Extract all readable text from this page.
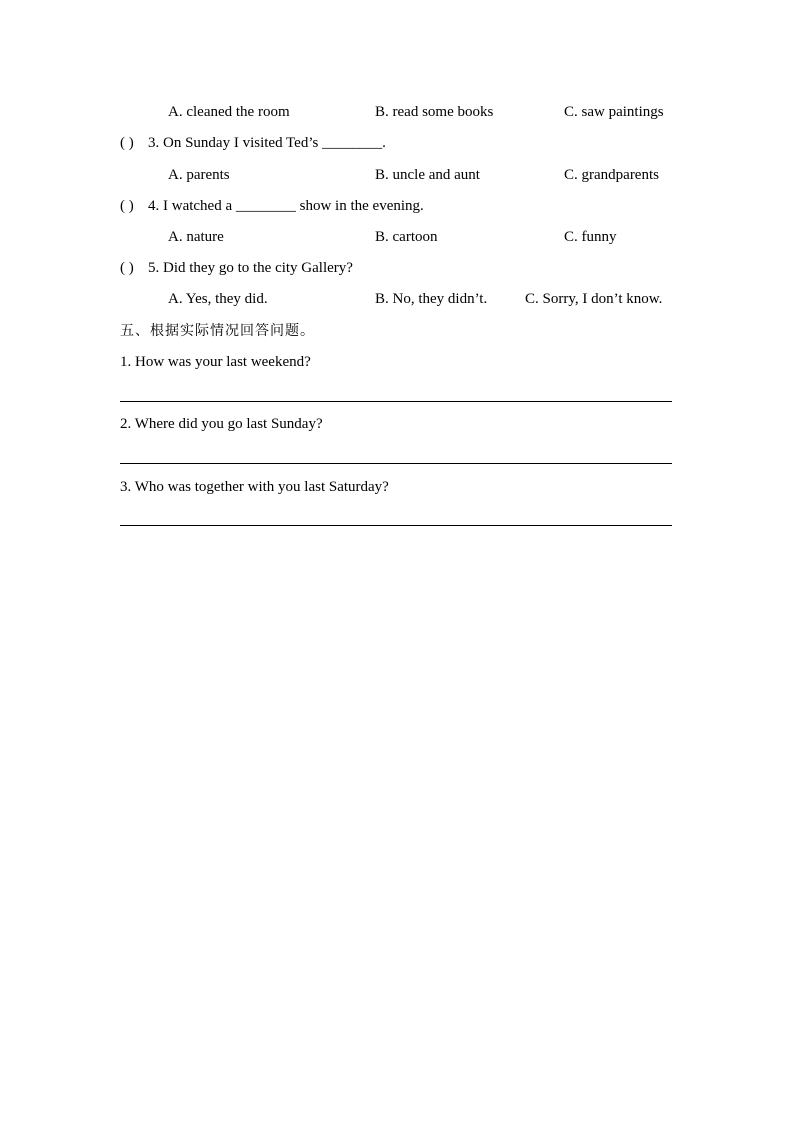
A. cleaned the room	B. read some books	C. saw paintings
( ) 3. On Sunday I visited Ted’s ________.
A. parents	B. uncle and aunt	C. grandparents
( ) 4. I watched a ________ show in the evening.
A. nature	B. cartoon	C. funny
( ) 5. Did they go to the city Gallery?
A. Yes, they did.	B. No, they didn’t.	C. Sorry, I don’t know.
五、根据实际情况回答问题。
1. How was your last weekend?
2. Where did you go last Sunday?
3. Who was together with you last Saturday?
